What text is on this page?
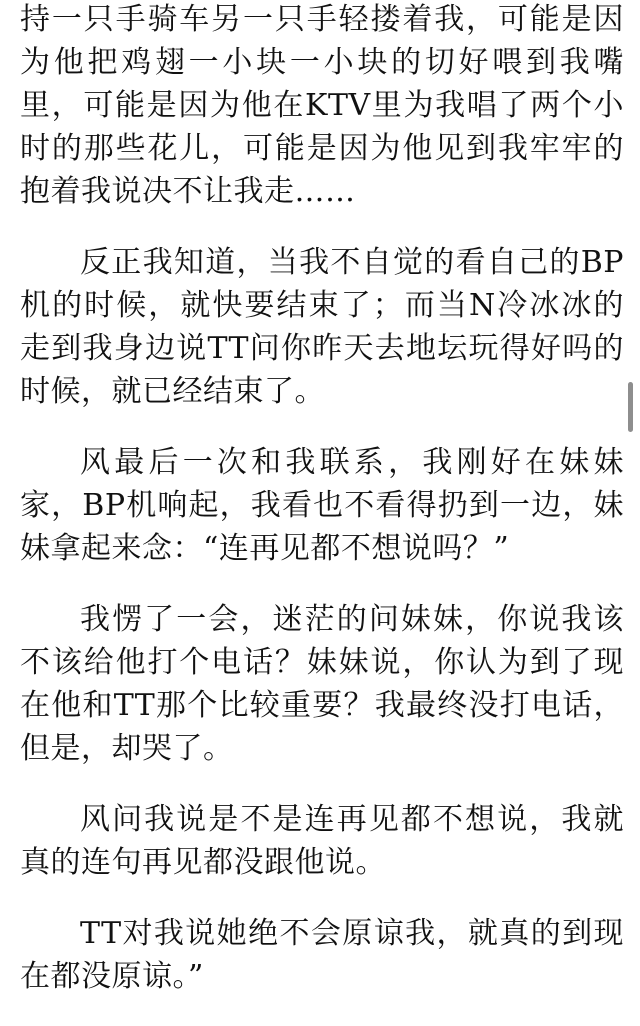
持一只手骑车另一只手轻搂着我，可能是因为他把鸡翅一小块一小块的切好喂到我嘴里，可能是因为他在KTV里为我唱了两个小时的那些花儿，可能是因为他见到我牢牢的抱着我说决不让我走……

反正我知道，当我不自觉的看自己的BP机的时候，就快要结束了；而当N冷冰冰的走到我身边说TT问你昨天去地坛玩得好吗的时候，就已经结束了。

风最后一次和我联系，我刚好在妹妹家，BP机响起，我看也不看得扔到一边，妹妹拿起来念：“连再见都不想说吗？”

我愣了一会，迷茫的问妹妹，你说我该不该给他打个电话？妹妹说，你认为到了现在他和TT那个比较重要？我最终没打电话，但是，却哭了。

风问我说是不是连再见都不想说，我就真的连句再见都没跟他说。

TT对我说她绝不会原谅我，就真的到现在都没原谅。”
